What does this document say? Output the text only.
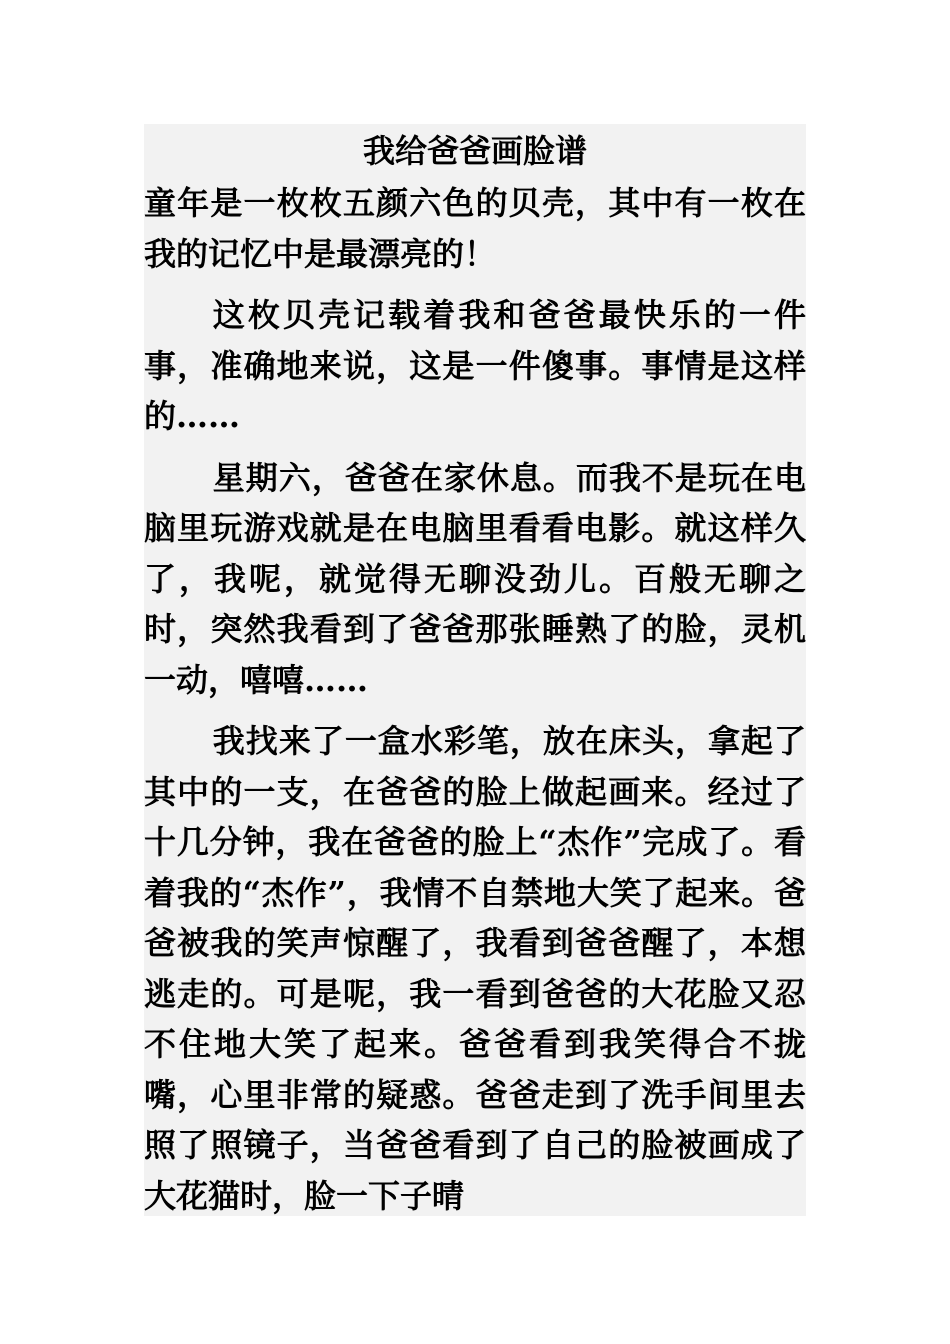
我给爸爸画脸谱

童年是一枚枚五颜六色的贝壳，其中有一枚在我的记忆中是最漂亮的！

这枚贝壳记载着我和爸爸最快乐的一件事，准确地来说，这是一件傻事。事情是这样的……

星期六，爸爸在家休息。而我不是玩在电脑里玩游戏就是在电脑里看看电影。就这样久了，我呢，就觉得无聊没劲儿。百般无聊之时，突然我看到了爸爸那张睡熟了的脸，灵机一动，嘻嘻……

我找来了一盒水彩笔，放在床头，拿起了其中的一支，在爸爸的脸上做起画来。经过了十几分钟，我在爸爸的脸上“杰作”完成了。看着我的“杰作”，我情不自禁地大笑了起来。爸爸被我的笑声惊醒了，我看到爸爸醒了，本想逃走的。可是呢，我一看到爸爸的大花脸又忍不住地大笑了起来。爸爸看到我笑得合不拢嘴，心里非常的疑惑。爸爸走到了洗手间里去照了照镜子，当爸爸看到了自己的脸被画成了大花猫时，脸一下子晴
